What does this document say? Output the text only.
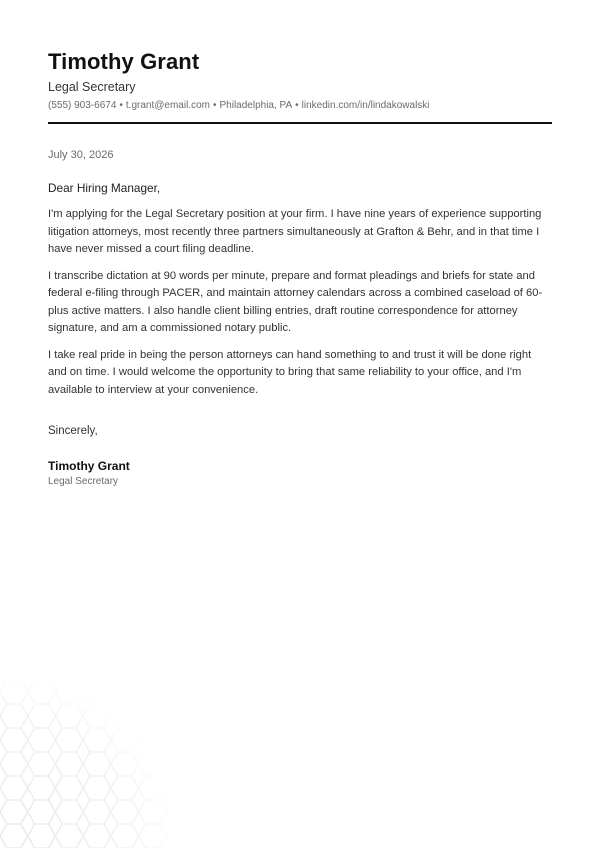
Timothy Grant
Legal Secretary
(555) 903-6674 • t.grant@email.com • Philadelphia, PA • linkedin.com/in/lindakowalski
July 30, 2026
Dear Hiring Manager,

I'm applying for the Legal Secretary position at your firm. I have nine years of experience supporting litigation attorneys, most recently three partners simultaneously at Grafton & Behr, and in that time I have never missed a court filing deadline.

I transcribe dictation at 90 words per minute, prepare and format pleadings and briefs for state and federal e-filing through PACER, and maintain attorney calendars across a combined caseload of 60-plus active matters. I also handle client billing entries, draft routine correspondence for attorney signature, and am a commissioned notary public.

I take real pride in being the person attorneys can hand something to and trust it will be done right and on time. I would welcome the opportunity to bring that same reliability to your office, and I'm available to interview at your convenience.

Sincerely,
Timothy Grant
Legal Secretary
